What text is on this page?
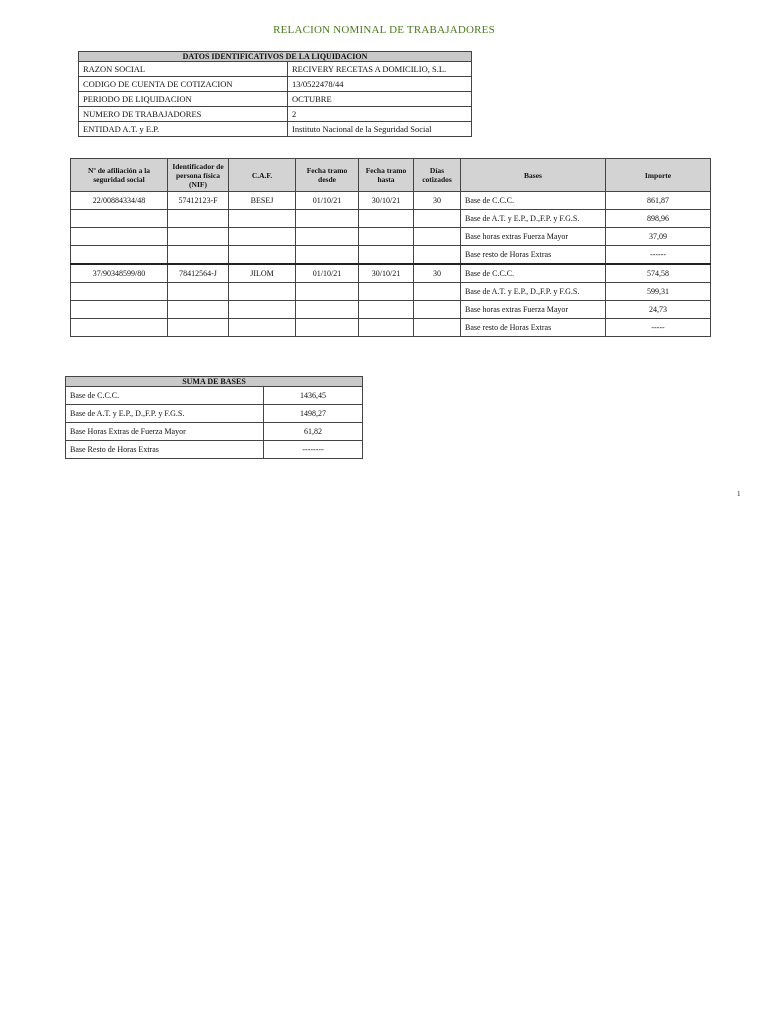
RELACION NOMINAL DE TRABAJADORES
DATOS IDENTIFICATIVOS DE LA LIQUIDACION	
RAZON SOCIAL	RECIVERY RECETAS A DOMICILIO, S.L.
CODIGO DE CUENTA DE COTIZACION	13/0522478/44
PERIODO DE LIQUIDACION	OCTUBRE
NUMERO DE TRABAJADORES	2
ENTIDAD A.T. y E.P.	Instituto Nacional de la Seguridad Social
Nº de afiliación a la seguridad social	Identificador de persona física (NIF)	C.A.F.	Fecha tramo desde	Fecha tramo hasta	Días cotizados	Bases	Importe
22/00884334/48	57412123-F	BESEJ	01/10/21	30/10/21	30	Base de C.C.C.	861,87
						Base de A.T. y E.P., D.,F.P. y F.G.S.	898,96
						Base horas extras Fuerza Mayor	37,09
						Base resto de Horas Extras	------
37/90348599/80	78412564-J	JILOM	01/10/21	30/10/21	30	Base de C.C.C.	574,58
						Base de A.T. y E.P., D.,F.P. y F.G.S.	599,31
						Base horas extras Fuerza Mayor	24,73
						Base resto de Horas Extras	-----
SUMA DE BASES	
Base de C.C.C.	1436,45
Base de A.T. y E.P., D.,F.P. y F.G.S.	1498,27
Base Horas Extras de Fuerza Mayor	61,82
Base Resto de Horas Extras	--------
1
